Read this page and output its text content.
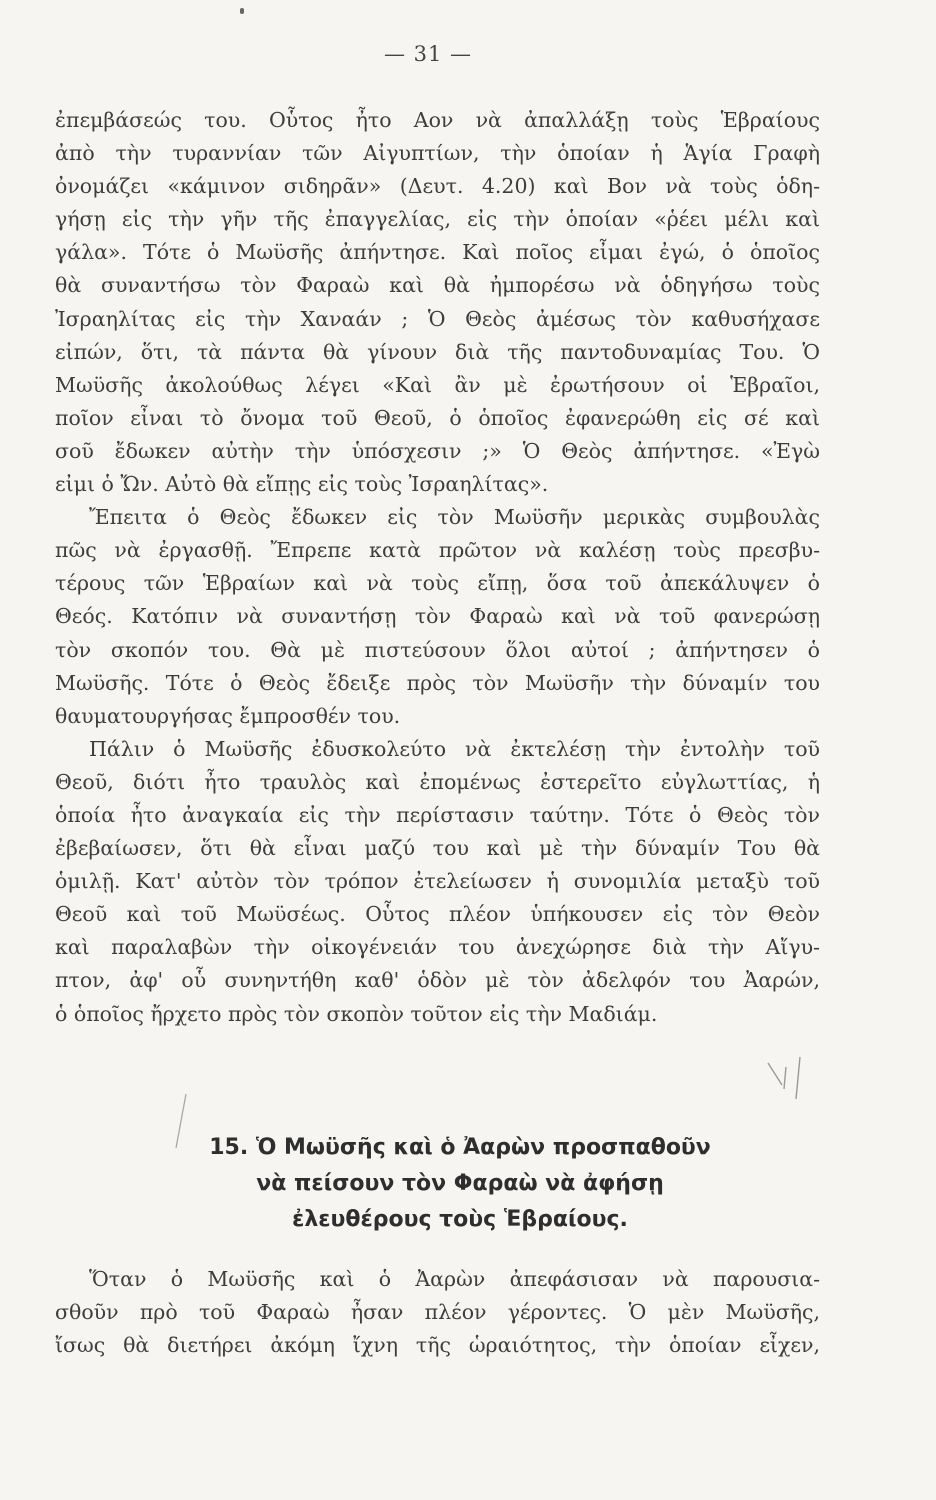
— 31 —
ἐπεμβάσεώς του. Οὗτος ἦτο Αον νὰ ἀπαλλάξῃ τοὺς Ἑβραίους
ἀπὸ τὴν τυραννίαν τῶν Αἰγυπτίων, τὴν ὁποίαν ἡ Ἁγία Γραφὴ
ὀνομάζει «κάμινον σιδηρᾶν» (Δευτ. 4.20) καὶ Βον νὰ τοὺς ὁδη-
γήσῃ εἰς τὴν γῆν τῆς ἐπαγγελίας, εἰς τὴν ὁποίαν «ῥέει μέλι καὶ
γάλα». Τότε ὁ Μωϋσῆς ἀπήντησε. Καὶ ποῖος εἶμαι ἐγώ, ὁ ὁποῖος
θὰ συναντήσω τὸν Φαραὼ καὶ θὰ ἠμπορέσω νὰ ὁδηγήσω τοὺς
Ἰσραηλίτας εἰς τὴν Χαναάν ; Ὁ Θεὸς ἀμέσως τὸν καθυσήχασε
εἰπών, ὅτι, τὰ πάντα θὰ γίνουν διὰ τῆς παντοδυναμίας Του. Ὁ
Μωϋσῆς ἀκολούθως λέγει «Καὶ ἂν μὲ ἐρωτήσουν οἱ Ἑβραῖοι,
ποῖον εἶναι τὸ ὄνομα τοῦ Θεοῦ, ὁ ὁποῖος ἐφανερώθη εἰς σέ καὶ
σοῦ ἔδωκεν αὐτὴν τὴν ὑπόσχεσιν ;» Ὁ Θεὸς ἀπήντησε. «Ἐγὼ
εἰμι ὁ Ὤν. Αὐτὸ θὰ εἴπῃς εἰς τοὺς Ἰσραηλίτας».
Ἔπειτα ὁ Θεὸς ἔδωκεν εἰς τὸν Μωϋσῆν μερικὰς συμβουλὰς
πῶς νὰ ἐργασθῇ. Ἔπρεπε κατὰ πρῶτον νὰ καλέσῃ τοὺς πρεσβυ-
τέρους τῶν Ἑβραίων καὶ νὰ τοὺς εἴπῃ, ὅσα τοῦ ἀπεκάλυψεν ὁ
Θεός. Κατόπιν νὰ συναντήσῃ τὸν Φαραὼ καὶ νὰ τοῦ φανερώσῃ
τὸν σκοπόν του. Θὰ μὲ πιστεύσουν ὅλοι αὐτοί ; ἀπήντησεν ὁ
Μωϋσῆς. Τότε ὁ Θεὸς ἔδειξε πρὸς τὸν Μωϋσῆν τὴν δύναμίν του
θαυματουργήσας ἔμπροσθέν του.
Πάλιν ὁ Μωϋσῆς ἐδυσκολεύτο νὰ ἐκτελέσῃ τὴν ἐντολὴν τοῦ
Θεοῦ, διότι ἦτο τραυλὸς καὶ ἐπομένως ἐστερεῖτο εὐγλωττίας, ἡ
ὁποία ἦτο ἀναγκαία εἰς τὴν περίστασιν ταύτην. Τότε ὁ Θεὸς τὸν
ἐβεβαίωσεν, ὅτι θὰ εἶναι μαζύ του καὶ μὲ τὴν δύναμίν Του θὰ
ὁμιλῇ. Κατ' αὐτὸν τὸν τρόπον ἐτελείωσεν ἡ συνομιλία μεταξὺ τοῦ
Θεοῦ καὶ τοῦ Μωϋσέως. Οὗτος πλέον ὑπήκουσεν εἰς τὸν Θεὸν
καὶ παραλαβὼν τὴν οἰκογένειάν του ἀνεχώρησε διὰ τὴν Αἴγυ-
πτον, ἀφ' οὗ συνηντήθη καθ' ὁδὸν μὲ τὸν ἀδελφόν του Ἀαρών,
ὁ ὁποῖος ἤρχετο πρὸς τὸν σκοπὸν τοῦτον εἰς τὴν Μαδιάμ.
15. Ὁ Μωϋσῆς καὶ ὁ Ἀαρὼν προσπαθοῦν
νὰ πείσουν τὸν Φαραὼ νὰ ἀφήσῃ
ἐλευθέρους τοὺς Ἑβραίους.
Ὅταν ὁ Μωϋσῆς καὶ ὁ Ἀαρὼν ἀπεφάσισαν νὰ παρουσια-
σθοῦν πρὸ τοῦ Φαραὼ ἦσαν πλέον γέροντες. Ὁ μὲν Μωϋσῆς,
ἴσως θὰ διετήρει ἀκόμη ἴχνη τῆς ὡραιότητος, τὴν ὁποίαν εἶχεν,
